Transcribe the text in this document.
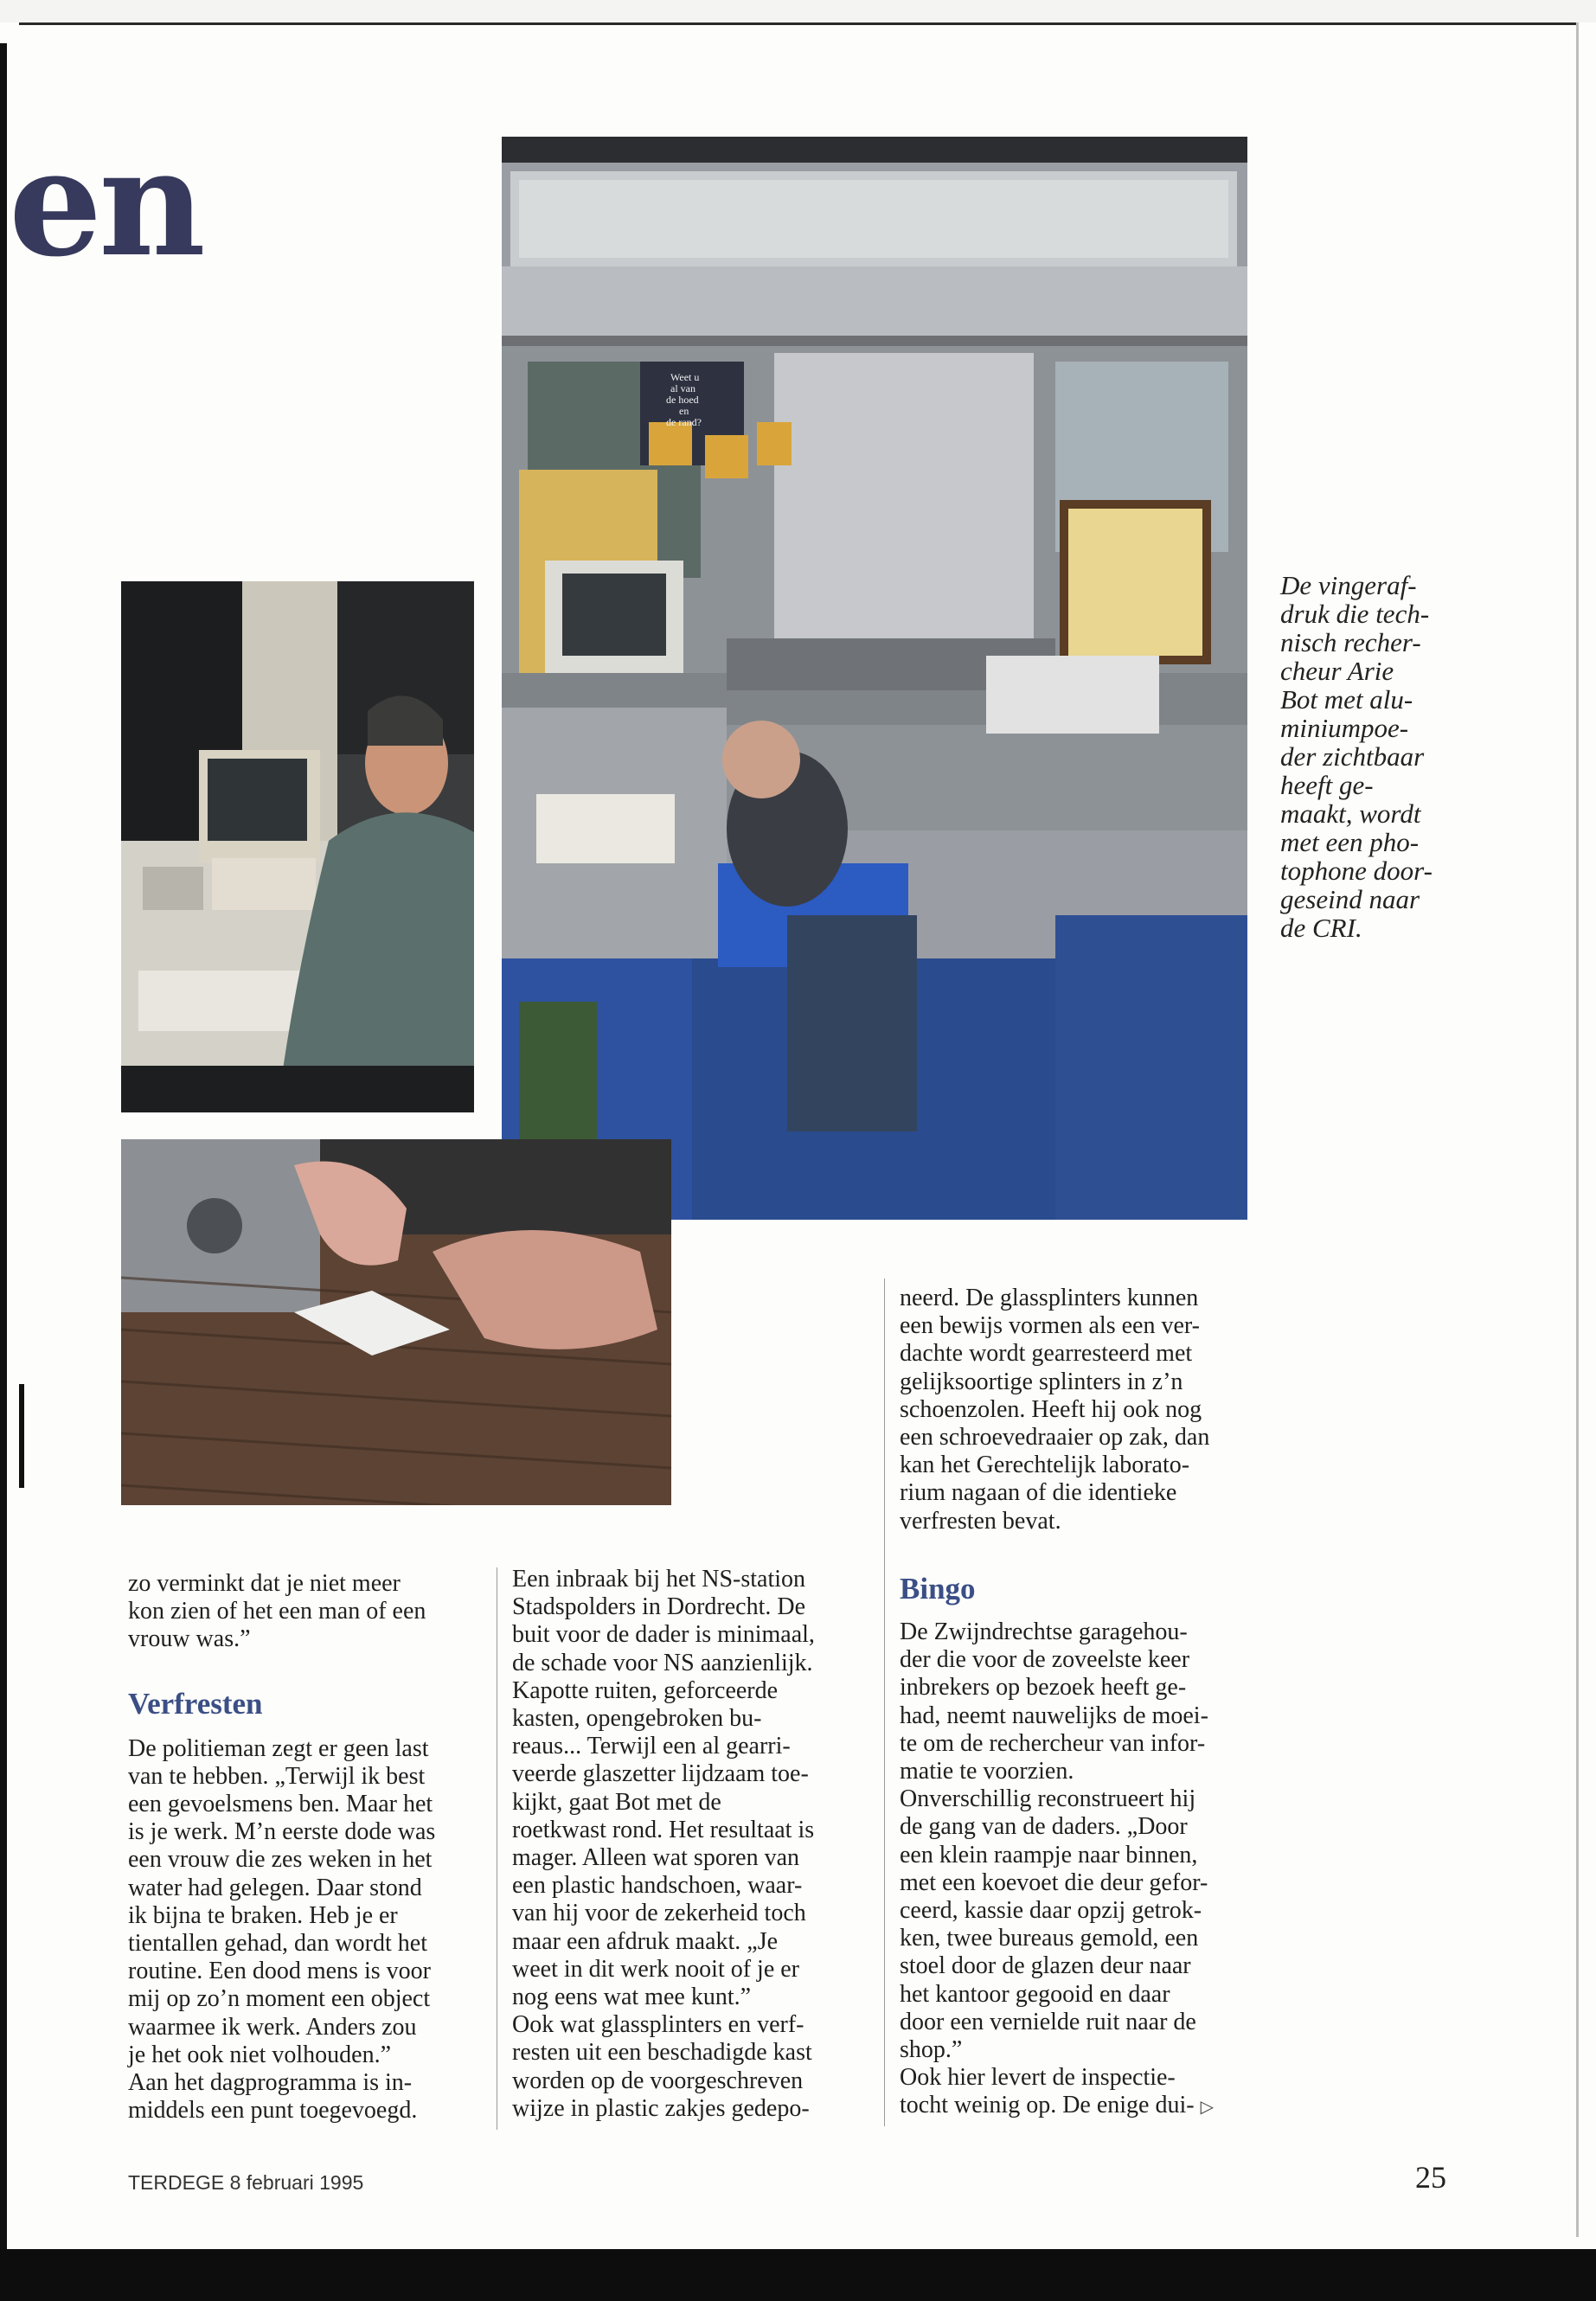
en
Weet u al van de hoed en de rand?
De vingeraf-
druk die tech-
nisch recher-
cheur Arie
Bot met alu-
miniumpoe-
der zichtbaar
heeft ge-
maakt, wordt
met een pho-
tophone door-
geseind naar
de CRI.

zo verminkt dat je niet meer
kon zien of het een man of een
vrouw was.”

Verfresten

De politieman zegt er geen last
van te hebben. „Terwijl ik best
een gevoelsmens ben. Maar het
is je werk. M’n eerste dode was
een vrouw die zes weken in het
water had gelegen. Daar stond
ik bijna te braken. Heb je er
tientallen gehad, dan wordt het
routine. Een dood mens is voor
mij op zo’n moment een object
waarmee ik werk. Anders zou
je het ook niet volhouden.”
Aan het dagprogramma is in-
middels een punt toegevoegd.

Een inbraak bij het NS-station
Stadspolders in Dordrecht. De
buit voor de dader is minimaal,
de schade voor NS aanzienlijk.
Kapotte ruiten, geforceerde
kasten, opengebroken bu-
reaus... Terwijl een al gearri-
veerde glaszetter lijdzaam toe-
kijkt, gaat Bot met de
roetkwast rond. Het resultaat is
mager. Alleen wat sporen van
een plastic handschoen, waar-
van hij voor de zekerheid toch
maar een afdruk maakt. „Je
weet in dit werk nooit of je er
nog eens wat mee kunt.”
Ook wat glassplinters en verf-
resten uit een beschadigde kast
worden op de voorgeschreven
wijze in plastic zakjes gedepo-

neerd. De glassplinters kunnen
een bewijs vormen als een ver-
dachte wordt gearresteerd met
gelijksoortige splinters in z’n
schoenzolen. Heeft hij ook nog
een schroevedraaier op zak, dan
kan het Gerechtelijk laborato-
rium nagaan of die identieke
verfresten bevat.

Bingo

De Zwijndrechtse garagehou-
der die voor de zoveelste keer
inbrekers op bezoek heeft ge-
had, neemt nauwelijks de moei-
te om de rechercheur van infor-
matie te voorzien.
Onverschillig reconstrueert hij
de gang van de daders. „Door
een klein raampje naar binnen,
met een koevoet die deur gefor-
ceerd, kassie daar opzij getrok-
ken, twee bureaus gemold, een
stoel door de glazen deur naar
het kantoor gegooid en daar
door een vernielde ruit naar de
shop.”
Ook hier levert de inspectie-
tocht weinig op. De enige dui- ▷

TERDEGE 8 februari 1995	25
